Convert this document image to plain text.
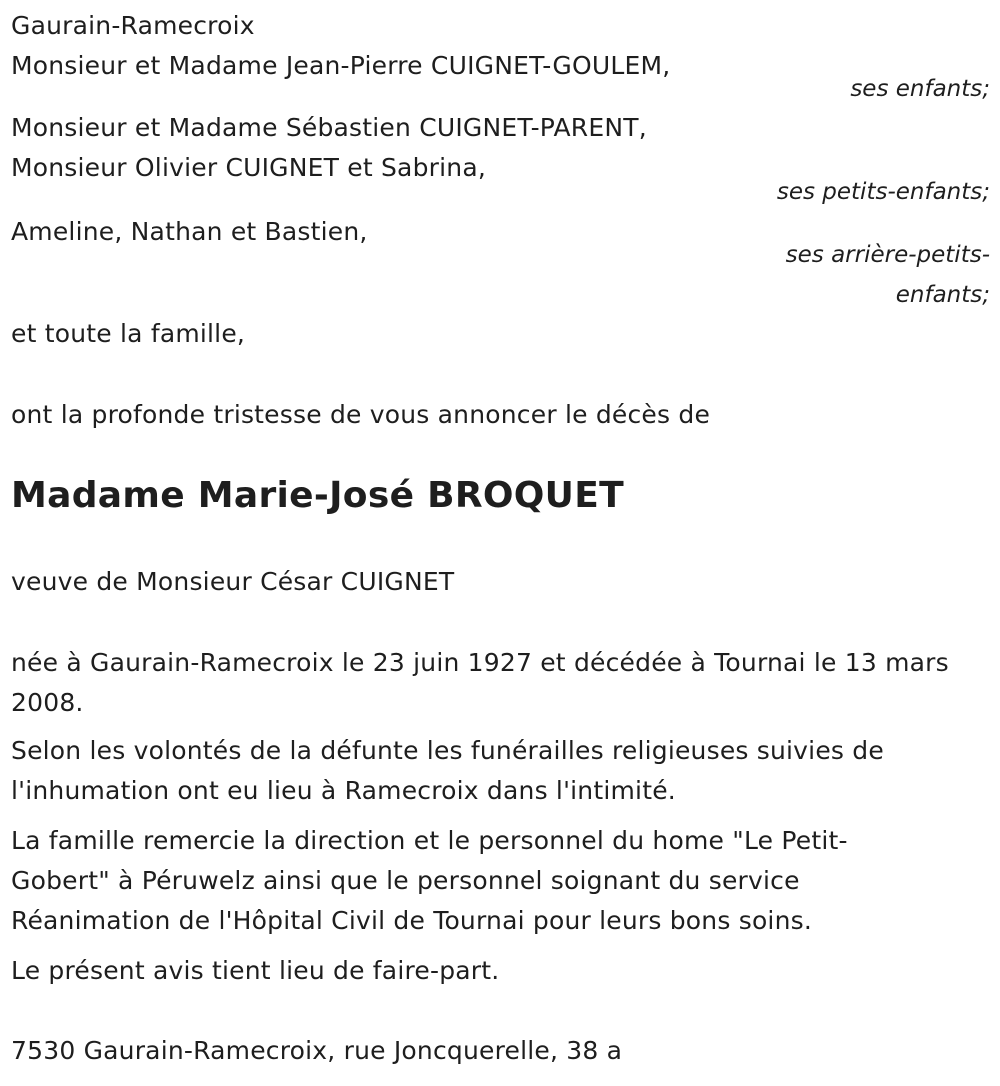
Gaurain-Ramecroix
Monsieur et Madame Jean-Pierre CUIGNET-GOULEM,
ses enfants;
Monsieur et Madame Sébastien CUIGNET-PARENT,
Monsieur Olivier CUIGNET et Sabrina,
ses petits-enfants;
Ameline, Nathan et Bastien,
ses arrière-petits-
enfants;
et toute la famille,
ont la profonde tristesse de vous annoncer le décès de
Madame Marie-José BROQUET
veuve de Monsieur César CUIGNET
née à Gaurain-Ramecroix le 23 juin 1927 et décédée à Tournai le 13 mars
2008.
Selon les volontés de la défunte les funérailles religieuses suivies de
l'inhumation ont eu lieu à Ramecroix dans l'intimité.
La famille remercie la direction et le personnel du home "Le Petit-
Gobert" à Péruwelz ainsi que le personnel soignant du service
Réanimation de l'Hôpital Civil de Tournai pour leurs bons soins.
Le présent avis tient lieu de faire-part.
7530 Gaurain-Ramecroix, rue Joncquerelle, 38 a
